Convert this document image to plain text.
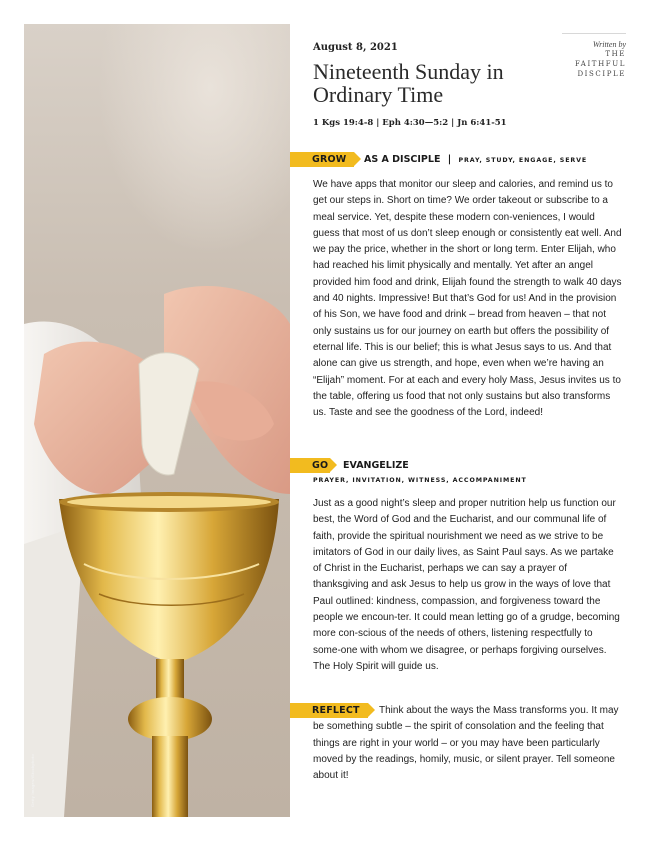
Getty Images/iStockphoto
August 8, 2021
Nineteenth Sunday in Ordinary Time
1 Kgs 19:4-8 | Eph 4:30—5:2 | Jn 6:41-51
Written by
THE FAITHFUL DISCIPLE
GROW AS A DISCIPLE | PRAY, STUDY, ENGAGE, SERVE

We have apps that monitor our sleep and calories, and remind us to get our steps in. Short on time? We order takeout or subscribe to a meal service. Yet, despite these modern con-veniences, I would guess that most of us don’t sleep enough or consistently eat well. And we pay the price, whether in the short or long term. Enter Elijah, who had reached his limit physically and mentally. Yet after an angel provided him food and drink, Elijah found the strength to walk 40 days and 40 nights. Impressive! But that’s God for us! And in the provision of his Son, we have food and drink – bread from heaven – that not only sustains us for our journey on earth but offers the possibility of eternal life. This is our belief; this is what Jesus says to us. And that alone can give us strength, and hope, even when we’re having an “Elijah” moment. For at each and every holy Mass, Jesus invites us to the table, offering us food that not only sustains but also transforms us. Taste and see the goodness of the Lord, indeed!

GO EVANGELIZE
PRAYER, INVITATION, WITNESS, ACCOMPANIMENT

Just as a good night’s sleep and proper nutrition help us function our best, the Word of God and the Eucharist, and our communal life of faith, provide the spiritual nourishment we need as we strive to be imitators of God in our daily lives, as Saint Paul says. As we partake of Christ in the Eucharist, perhaps we can say a prayer of thanksgiving and ask Jesus to help us grow in the ways of love that Paul outlined: kindness, compassion, and forgiveness toward the people we encoun-ter. It could mean letting go of a grudge, becoming more con-scious of the needs of others, listening respectfully to some-one with whom we disagree, or perhaps forgiving ourselves. The Holy Spirit will guide us.

REFLECT	Think about the ways the Mass transforms you. It may be something subtle – the spirit of consolation and the feeling that things are right in your world – or you may have been particularly moved by the readings, homily, music, or silent prayer. Tell someone about it!
